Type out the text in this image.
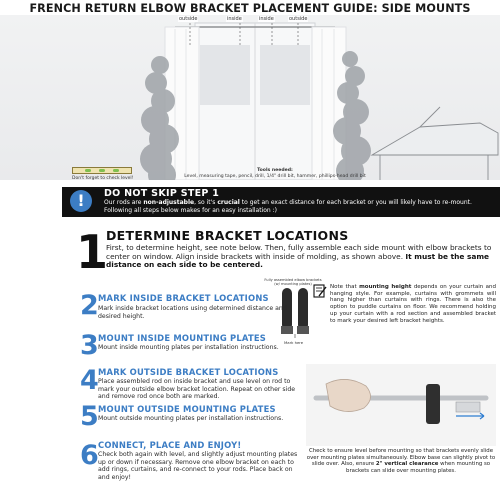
FRENCH RETURN ELBOW BRACKET PLACEMENT GUIDE: SIDE MOUNTS
outside	inside	inside	outside
Don't forget to check level!
Tools needed:
Level, measuring tape, pencil, drill, 1/4" drill bit, hammer, phillips-head drill bit
!	DO NOT SKIP STEP 1
Our rods are non-adjustable, so it's crucial to get an exact distance for each bracket or you will likely have to re-mount. Following all steps below makes for an easy installation :)
1
DETERMINE BRACKET LOCATIONS
First, to determine height, see note below. Then, fully assemble each side mount with elbow brackets to center on window. Align inside brackets with inside of molding, as shown above. It must be the same distance on each side to be centered.
Fully assembled elbow brackets (w/ mounting plates)
Mark here
Note that mounting height depends on your curtain and hanging style. For example, curtains with grommets will hang higher than curtains with rings. There is also the option to puddle curtains on floor. We recommend holding up your curtain with a rod section and assembled bracket to mark your desired left bracket heights.
2 MARK INSIDE BRACKET LOCATIONS
Mark inside bracket locations using determined distance and desired height.
3 MOUNT INSIDE MOUNTING PLATES
Mount inside mounting plates per installation instructions.
4 MARK OUTSIDE BRACKET LOCATIONS
Place assembled rod on inside bracket and use level on rod to mark your outside elbow bracket location. Repeat on other side and remove rod once both are marked.
5 MOUNT OUTSIDE MOUNTING PLATES
Mount outside mounting plates per installation instructions.
6 CONNECT, PLACE AND ENJOY!
Check both again with level, and slightly adjust mounting plates up or down if necessary. Remove one elbow bracket on each to add rings, curtains, and re-connect to your rods. Place back on and enjoy!
Check to ensure level before mounting so that brackets evenly slide over mounting plates simultaneously. Elbow base can slightly pivot to slide over. Also, ensure 2" vertical clearance when mounting so brackets can slide over mounting plates.
